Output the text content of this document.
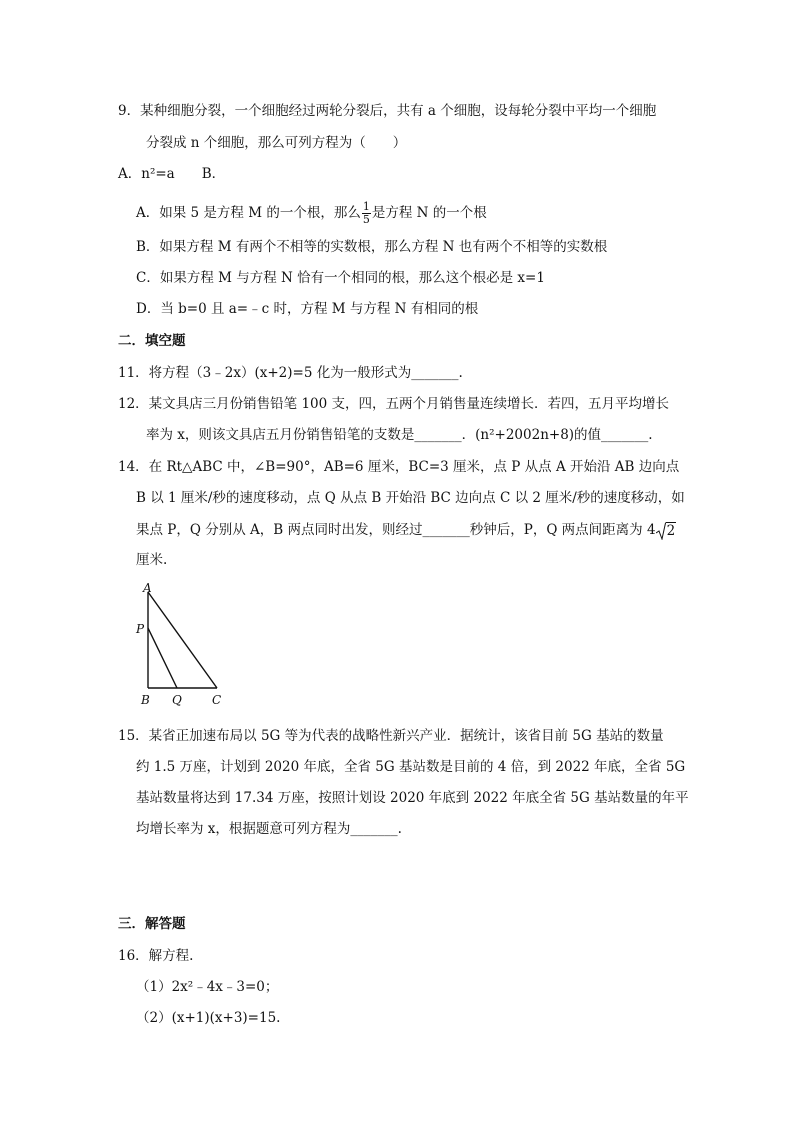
9．某种细胞分裂，一个细胞经过两轮分裂后，共有 a 个细胞，设每轮分裂中平均一个细胞
分裂成 n 个细胞，那么可列方程为（　　）
A．n²=a　　B．
A．如果 5 是方程 M 的一个根，那么 $\frac{1}{5}$ 是方程 N 的一个根
B．如果方程 M 有两个不相等的实数根，那么方程 N 也有两个不相等的实数根
C．如果方程 M 与方程 N 恰有一个相同的根，那么这个根必是 x=1
D．当 b=0 且 a=﹣c 时，方程 M 与方程 N 有相同的根
二．填空题
11．将方程（3﹣2x）(x+2)=5 化为一般形式为_______.
12．某文具店三月份销售铅笔 100 支，四，五两个月销售量连续增长．若四，五月平均增长
率为 x，则该文具店五月份销售铅笔的支数是_______．(n²+2002n+8)的值_______.
14．在 Rt△ABC 中，∠B=90°，AB=6 厘米，BC=3 厘米，点 P 从点 A 开始沿 AB 边向点
B 以 1 厘米/秒的速度移动，点 Q 从点 B 开始沿 BC 边向点 C 以 2 厘米/秒的速度移动，如
果点 P，Q 分别从 A，B 两点同时出发，则经过_______秒钟后，P，Q 两点间距离为 4 2
厘米.
A
P
B Q	C
15．某省正加速布局以 5G 等为代表的战略性新兴产业．据统计，该省目前 5G 基站的数量
约 1.5 万座，计划到 2020 年底，全省 5G 基站数是目前的 4 倍，到 2022 年底，全省 5G
基站数量将达到 17.34 万座，按照计划设 2020 年底到 2022 年底全省 5G 基站数量的年平
均增长率为 x，根据题意可列方程为_______.
三．解答题
16．解方程.
（1）2x²﹣4x﹣3=0；
（2）(x+1)(x+3)=15.
